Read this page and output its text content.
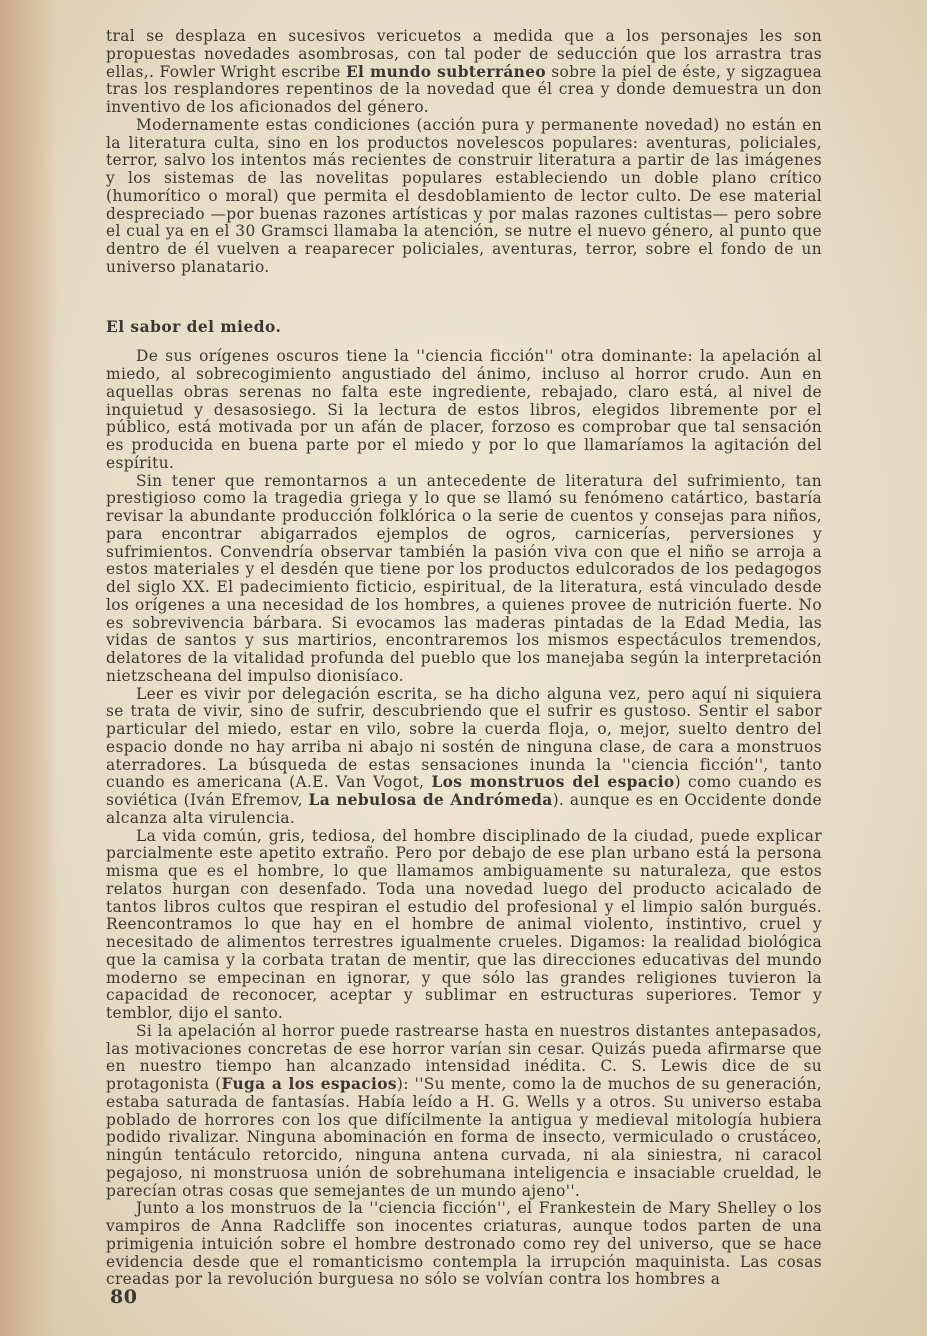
tral se desplaza en sucesivos vericuetos a medida que a los personajes les son propuestas novedades asombrosas, con tal poder de seducción que los arrastra tras ellas,. Fowler Wright escribe El mundo subterráneo sobre la piel de éste, y sigzaguea tras los resplandores repentinos de la novedad que él crea y donde demuestra un don inventivo de los aficionados del género.

Modernamente estas condiciones (acción pura y permanente novedad) no están en la literatura culta, sino en los productos novelescos populares: aventuras, policiales, terror, salvo los intentos más recientes de construir literatura a partir de las imágenes y los sistemas de las novelitas populares estableciendo un doble plano crítico (humorítico o moral) que permita el desdoblamiento de lector culto. De ese material despreciado —por buenas razones artísticas y por malas razones cultistas— pero sobre el cual ya en el 30 Gramsci llamaba la atención, se nutre el nuevo género, al punto que dentro de él vuelven a reaparecer policiales, aventuras, terror, sobre el fondo de un universo planatario.

El sabor del miedo.

De sus orígenes oscuros tiene la ''ciencia ficción'' otra dominante: la apelación al miedo, al sobrecogimiento angustiado del ánimo, incluso al horror crudo. Aun en aquellas obras serenas no falta este ingrediente, rebajado, claro está, al nivel de inquietud y desasosiego. Si la lectura de estos libros, elegidos libremente por el público, está motivada por un afán de placer, forzoso es comprobar que tal sensación es producida en buena parte por el miedo y por lo que llamaríamos la agitación del espíritu.

Sin tener que remontarnos a un antecedente de literatura del sufrimiento, tan prestigioso como la tragedia griega y lo que se llamó su fenómeno catártico, bastaría revisar la abundante producción folklórica o la serie de cuentos y consejas para niños, para encontrar abigarrados ejemplos de ogros, carnicerías, perversiones y sufrimientos. Convendría observar también la pasión viva con que el niño se arroja a estos materiales y el desdén que tiene por los productos edulcorados de los pedagogos del siglo XX. El padecimiento ficticio, espiritual, de la literatura, está vinculado desde los orígenes a una necesidad de los hombres, a quienes provee de nutrición fuerte. No es sobrevivencia bárbara. Si evocamos las maderas pintadas de la Edad Media, las vidas de santos y sus martirios, encontraremos los mismos espectáculos tremendos, delatores de la vitalidad profunda del pueblo que los manejaba según la interpretación nietzscheana del impulso dionisíaco.

Leer es vivir por delegación escrita, se ha dicho alguna vez, pero aquí ni siquiera se trata de vivir, sino de sufrir, descubriendo que el sufrir es gustoso. Sentir el sabor particular del miedo, estar en vilo, sobre la cuerda floja, o, mejor, suelto dentro del espacio donde no hay arriba ni abajo ni sostén de ninguna clase, de cara a monstruos aterradores. La búsqueda de estas sensaciones inunda la ''ciencia ficción'', tanto cuando es americana (A.E. Van Vogot, Los monstruos del espacio) como cuando es soviética (Iván Efremov, La nebulosa de Andrómeda). aunque es en Occidente donde alcanza alta virulencia.

La vida común, gris, tediosa, del hombre disciplinado de la ciudad, puede explicar parcialmente este apetito extraño. Pero por debajo de ese plan urbano está la persona misma que es el hombre, lo que llamamos ambiguamente su naturaleza, que estos relatos hurgan con desenfado. Toda una novedad luego del producto acicalado de tantos libros cultos que respiran el estudio del profesional y el limpio salón burgués. Reencontramos lo que hay en el hombre de animal violento, instintivo, cruel y necesitado de alimentos terrestres igualmente crueles. Digamos: la realidad biológica que la camisa y la corbata tratan de mentir, que las direcciones educativas del mundo moderno se empecinan en ignorar, y que sólo las grandes religiones tuvieron la capacidad de reconocer, aceptar y sublimar en estructuras superiores. Temor y temblor, dijo el santo.

Si la apelación al horror puede rastrearse hasta en nuestros distantes antepasados, las motivaciones concretas de ese horror varían sin cesar. Quizás pueda afirmarse que en nuestro tiempo han alcanzado intensidad inédita. C. S. Lewis dice de su protagonista (Fuga a los espacios): ''Su mente, como la de muchos de su generación, estaba saturada de fantasías. Había leído a H. G. Wells y a otros. Su universo estaba poblado de horrores con los que difícilmente la antigua y medieval mitología hubiera podido rivalizar. Ninguna abominación en forma de insecto, vermiculado o crustáceo, ningún tentáculo retorcido, ninguna antena curvada, ni ala siniestra, ni caracol pegajoso, ni monstruosa unión de sobrehumana inteligencia e insaciable crueldad, le parecían otras cosas que semejantes de un mundo ajeno''.

Junto a los monstruos de la ''ciencia ficción'', el Frankestein de Mary Shelley o los vampiros de Anna Radcliffe son inocentes criaturas, aunque todos parten de una primigenia intuición sobre el hombre destronado como rey del universo, que se hace evidencia desde que el romanticismo contempla la irrupción maquinista. Las cosas creadas por la revolución burguesa no sólo se volvían contra los hombres a

80
